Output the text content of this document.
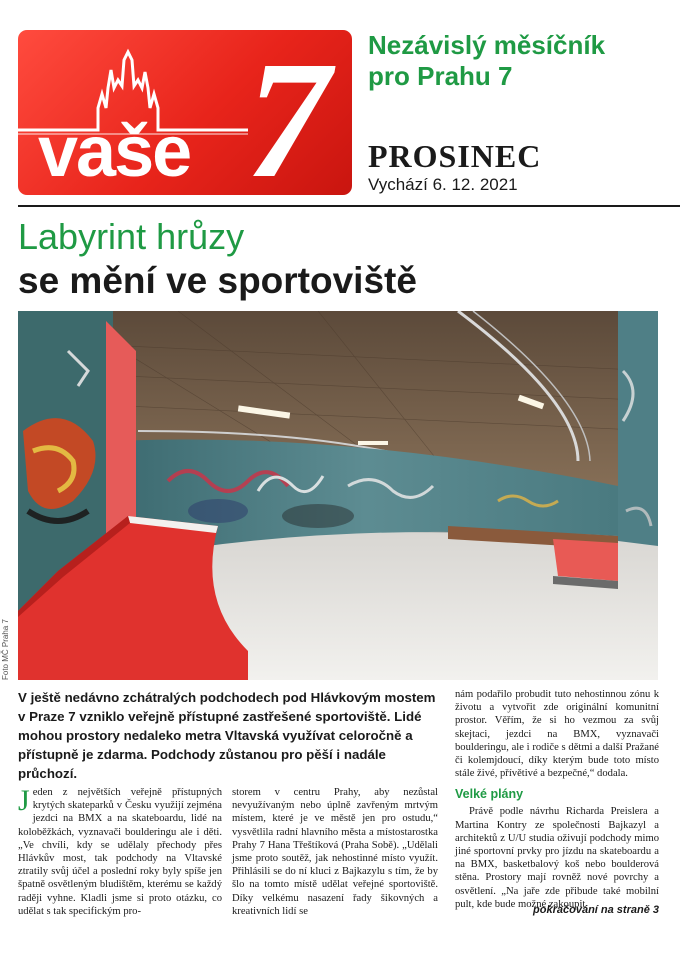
vaše 7 Nezávislý měsíčník
pro Prahu 7
PROSINEC
Vychází 6. 12. 2021
Labyrint hrůzy
se mění ve sportoviště
Foto MČ Praha 7
V ještě nedávno zchátralých podchodech pod Hlávkovým mostem v Praze 7 vzniklo veřejně přístupné zastřešené sportoviště. Lidé mohou prostory nedaleko metra Vltavská využívat celoročně a přístupně je zdarma. Podchody zůstanou pro pěší i nadále průchozí.

Jeden z největších veřejně přístupných krytých skateparků v Česku využijí zejména jezdci na BMX a na skateboardu, lidé na koloběžkách, vyznavači boulderingu ale i děti. „Ve chvíli, kdy se udělaly přechody přes Hlávkův most, tak podchody na Vltavské ztratily svůj účel a poslední roky byly spíše jen špatně osvětleným bludištěm, kterému se každý raději vyhne. Kladli jsme si proto otázku, co udělat s tak specifickým pro-

storem v centru Prahy, aby nezůstal nevyužívaným nebo úplně zavřeným mrtvým místem, které je ve městě jen pro ostudu,“ vysvětlila radní hlavního města a místostarostka Prahy 7 Hana Třeštíková (Praha Sobě). „Udělali jsme proto soutěž, jak nehostinné místo využít. Přihlásili se do ní kluci z Bajkazylu s tím, že by šlo na tomto místě udělat veřejné sportoviště. Díky velkému nasazení řady šikovných a kreativních lidí se

nám podařilo probudit tuto nehostinnou zónu k životu a vytvořit zde originální komunitní prostor. Věřím, že si ho vezmou za svůj skejtaci, jezdci na BMX, vyznavači boulderingu, ale i rodiče s dětmi a další Pražané či kolemjdoucí, díky kterým bude toto místo stále živé, přívětivé a bezpečné,“ dodala.

Velké plány

Právě podle návrhu Richarda Preislera a Martina Kontry ze společnosti Bajkazyl a architektů z U/U studia oživují podchody mimo jiné sportovní prvky pro jízdu na skateboardu a na BMX, basketbalový koš nebo boulderová stěna. Prostory mají rovněž nové povrchy a osvětlení. „Na jaře zde přibude také mobilní pult, kde bude možné zakoupit

pokračování na straně 3
